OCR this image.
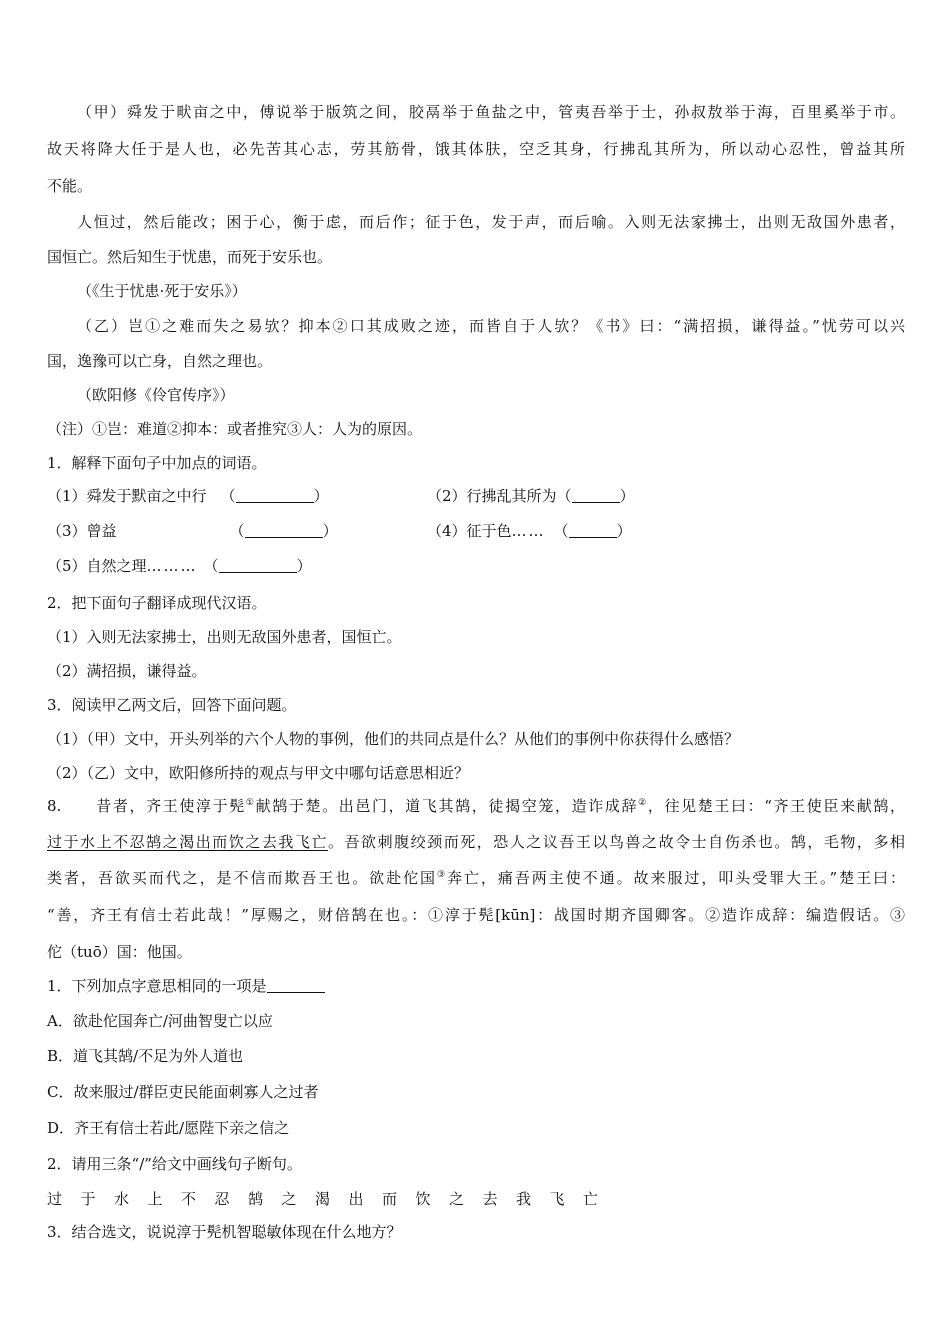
（甲）舜发于畎亩之中，傅说举于版筑之间，胶鬲举于鱼盐之中，管夷吾举于士，孙叔敖举于海，百里奚举于市。
故天将降大任于是人也，必先苦其心志，劳其筋骨，饿其体肤，空乏其身，行拂乱其所为，所以动心忍性，曾益其所
不能。
人恒过，然后能改；困于心，衡于虑，而后作；征于色，发于声，而后喻。入则无法家拂士，出则无敌国外患者，
国恒亡。然后知生于忧患，而死于安乐也。
（《生于忧患·死于安乐》）
（乙）岂①之难而失之易欤？抑本②口其成败之迹，而皆自于人欤？《书》曰：“满招损，谦得益。”忧劳可以兴
国，逸豫可以亡身，自然之理也。
（欧阳修《伶官传序》）
（注）①岂：难道②抑本：或者推究③人：人为的原因。
1．解释下面句子中加点的词语。
（1）舜发于默亩之中行 （	）	（2）行拂乱其所为（	）
（3）曾益	（	）	（4）征于色…… （	）
（5）自然之理……… （	）
2．把下面句子翻译成现代汉语。
（1）入则无法家拂士，出则无敌国外患者，国恒亡。
（2）满招损，谦得益。
3．阅读甲乙两文后，回答下面问题。
（1）（甲）文中，开头列举的六个人物的事例，他们的共同点是什么？从他们的事例中你获得什么感悟？
（2）（乙）文中，欧阳修所持的观点与甲文中哪句话意思相近？
8.　　昔者，齐王使淳于髡①献鹄于楚。出邑门，道飞其鹄，徒揭空笼，造诈成辞②，往见楚王曰：“齐王使臣来献鹄，
过于水上不忍鹄之渴出而饮之去我飞亡。吾欲刺腹绞颈而死，恐人之议吾王以鸟兽之故令士自伤杀也。鹄，毛物，多相
类者，吾欲买而代之，是不信而欺吾王也。欲赴佗国③奔亡，痛吾两主使不通。故来服过，叩头受罪大王。”楚王曰：
“善，齐王有信士若此哉！”厚赐之，财倍鹄在也。：①淳于髡[kūn]：战国时期齐国卿客。②造诈成辞：编造假话。③
佗（tuō）国：他国。
1．下列加点字意思相同的一项是
A．欲赴佗国奔亡/河曲智叟亡以应
B．道飞其鹄/不足为外人道也
C．故来服过/群臣吏民能面刺寡人之过者
D．齐王有信士若此/愿陛下亲之信之
2．请用三条“/”给文中画线句子断句。
过于水上不忍鹄之渴出而饮之去我飞亡
3．结合选文，说说淳于髡机智聪敏体现在什么地方？
